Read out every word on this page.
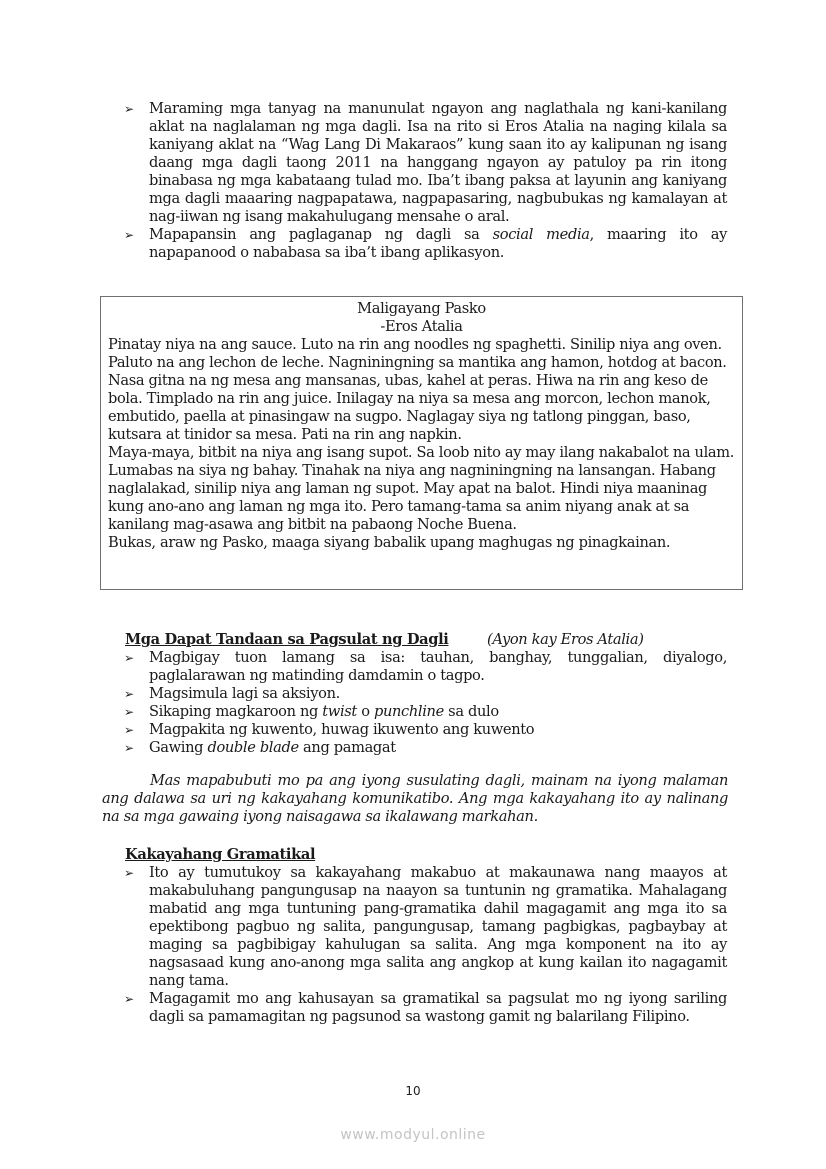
➢ Maraming mga tanyag na manunulat ngayon ang naglathala ng kani-kanilang aklat na naglalaman ng mga dagli. Isa na rito si Eros Atalia na naging kilala sa kaniyang aklat na “Wag Lang Di Makaraos” kung saan ito ay kalipunan ng isang daang mga dagli taong 2011 na hanggang ngayon ay patuloy pa rin itong binabasa ng mga kabataang tulad mo. Iba’t ibang paksa at layunin ang kaniyang mga dagli maaaring nagpapatawa, nagpapasaring, nagbubukas ng kamalayan at nag-iiwan ng isang makahulugang mensahe o aral.
➢ Mapapansin ang paglaganap ng dagli sa social media, maaring ito ay napapanood o nababasa sa iba’t ibang aplikasyon.

Maligayang Pasko

-Eros Atalia

Pinatay niya na ang sauce. Luto na rin ang noodles ng spaghetti. Sinilip niya ang oven. Paluto na ang lechon de leche. Nagniningning sa mantika ang hamon, hotdog at bacon. Nasa gitna na ng mesa ang mansanas, ubas, kahel at peras. Hiwa na rin ang keso de bola. Timplado na rin ang juice. Inilagay na niya sa mesa ang morcon, lechon manok, embutido, paella at pinasingaw na sugpo. Naglagay siya ng tatlong pinggan, baso, kutsara at tinidor sa mesa. Pati na rin ang napkin.

Maya-maya, bitbit na niya ang isang supot. Sa loob nito ay may ilang nakabalot na ulam.

Lumabas na siya ng bahay. Tinahak na niya ang nagniningning na lansangan. Habang naglalakad, sinilip niya ang laman ng supot. May apat na balot. Hindi niya maaninag kung ano-ano ang laman ng mga ito. Pero tamang-tama sa anim niyang anak at sa kanilang mag-asawa ang bitbit na pabaong Noche Buena.

Bukas, araw ng Pasko, maaga siyang babalik upang maghugas ng pinagkainan.

Mga Dapat Tandaan sa Pagsulat ng Dagli	(Ayon kay Eros Atalia)
➢ Magbigay tuon lamang sa isa: tauhan, banghay, tunggalian, diyalogo, paglalarawan ng matinding damdamin o tagpo.
➢ Magsimula lagi sa aksiyon.
➢ Sikaping magkaroon ng twist o punchline sa dulo
➢ Magpakita ng kuwento, huwag ikuwento ang kuwento
➢ Gawing double blade ang pamagat

Mas mapabubuti mo pa ang iyong susulating dagli, mainam na iyong malaman ang dalawa sa uri ng kakayahang komunikatibo. Ang mga kakayahang ito ay nalinang na sa mga gawaing iyong naisagawa sa ikalawang markahan.

Kakayahang Gramatikal
➢ Ito ay tumutukoy sa kakayahang makabuo at makaunawa nang maayos at makabuluhang pangungusap na naayon sa tuntunin ng gramatika. Mahalagang mabatid ang mga tuntuning pang-gramatika dahil magagamit ang mga ito sa epektibong pagbuo ng salita, pangungusap, tamang pagbigkas, pagbaybay at maging sa pagbibigay kahulugan sa salita. Ang mga komponent na ito ay nagsasaad kung ano-anong mga salita ang angkop at kung kailan ito nagagamit nang tama.
➢ Magagamit mo ang kahusayan sa gramatikal sa pagsulat mo ng iyong sariling dagli sa pamamagitan ng pagsunod sa wastong gamit ng balarilang Filipino.
10
www.modyul.online
